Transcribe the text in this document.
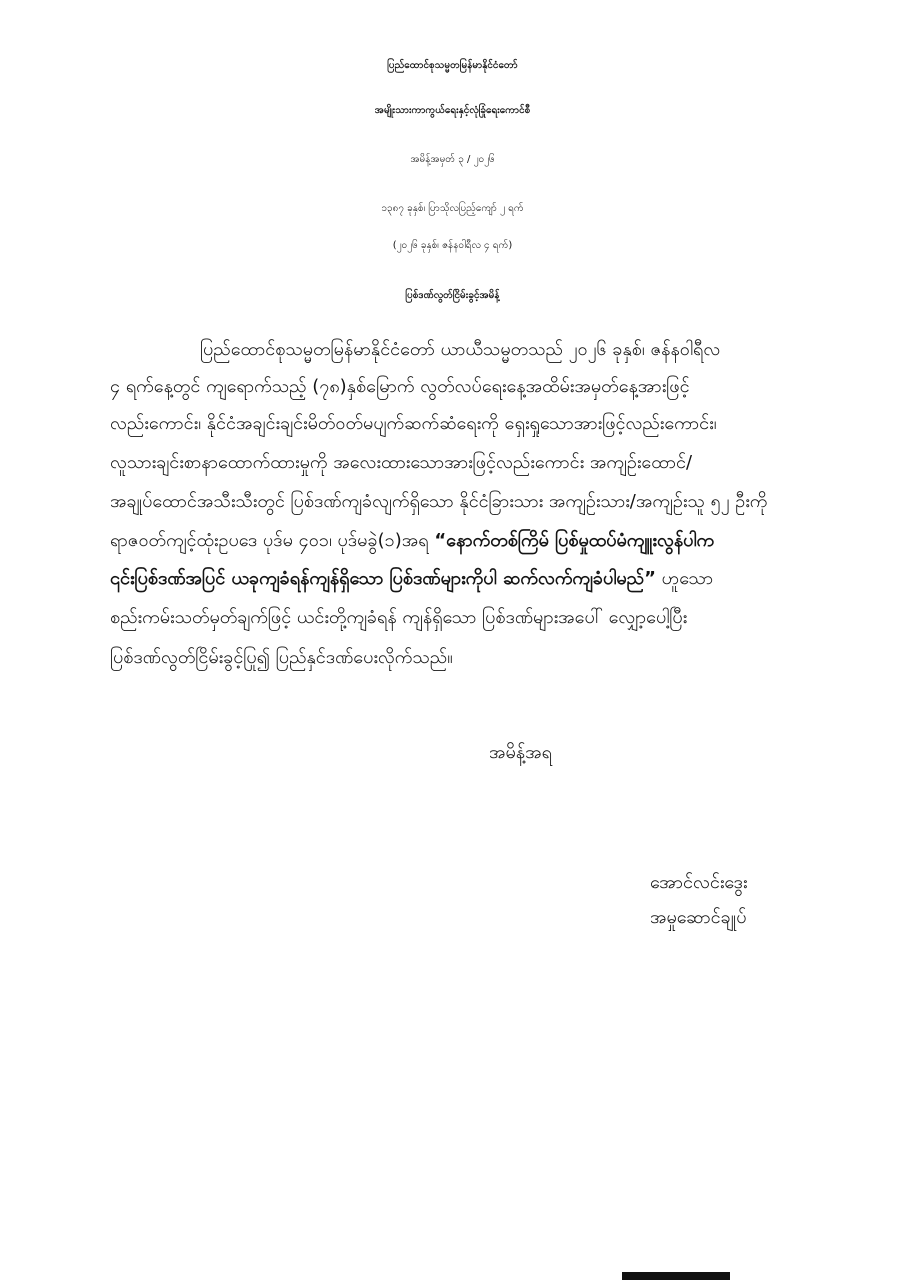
ပြည်ထောင်စုသမ္မတမြန်မာနိုင်ငံတော်
အမျိုးသားကာကွယ်ရေးနှင့်လုံခြုံရေးကောင်စီ
အမိန့်အမှတ် ၃ / ၂၀၂၆
၁၃၈၇ ခုနှစ်၊ ပြာသိုလပြည့်ကျော် ၂ ရက်
(၂၀၂၆ ခုနှစ်၊ ဇန်နဝါရီလ ၄ ရက်)
ပြစ်ဒဏ်လွတ်ငြိမ်းခွင့်အမိန့်
ပြည်ထောင်စုသမ္မတမြန်မာနိုင်ငံတော် ယာယီသမ္မတသည် ၂၀၂၆ ခုနှစ်၊ ဇန်နဝါရီလ
၄ ရက်နေ့တွင် ကျရောက်သည့် (၇၈)နှစ်မြောက် လွတ်လပ်ရေးနေ့အထိမ်းအမှတ်နေ့အားဖြင့်
လည်းကောင်း၊ နိုင်ငံအချင်းချင်းမိတ်ဝတ်မပျက်ဆက်ဆံရေးကို ရှေးရှုသောအားဖြင့်လည်းကောင်း၊
လူသားချင်းစာနာထောက်ထားမှုကို အလေးထားသောအားဖြင့်လည်းကောင်း အကျဉ်းထောင်/
အချုပ်ထောင်အသီးသီးတွင် ပြစ်ဒဏ်ကျခံလျက်ရှိသော နိုင်ငံခြားသား အကျဉ်းသား/အကျဉ်းသူ ၅၂ ဦးကို
ရာဇဝတ်ကျင့်ထုံးဥပဒေ ပုဒ်မ ၄၀၁၊ ပုဒ်မခွဲ(၁)အရ “နောက်တစ်ကြိမ် ပြစ်မှုထပ်မံကျူးလွန်ပါက
၎င်းပြစ်ဒဏ်အပြင် ယခုကျခံရန်ကျန်ရှိသော ပြစ်ဒဏ်များကိုပါ ဆက်လက်ကျခံပါမည်” ဟူသော
စည်းကမ်းသတ်မှတ်ချက်ဖြင့် ယင်းတို့ကျခံရန် ကျန်ရှိသော ပြစ်ဒဏ်များအပေါ် လျှော့ပေါ့ပြီး
ပြစ်ဒဏ်လွတ်ငြိမ်းခွင့်ပြု၍ ပြည်နှင်ဒဏ်ပေးလိုက်သည်။
အမိန့်အရ
အောင်လင်းဒွေး
အမှုဆောင်ချုပ်
